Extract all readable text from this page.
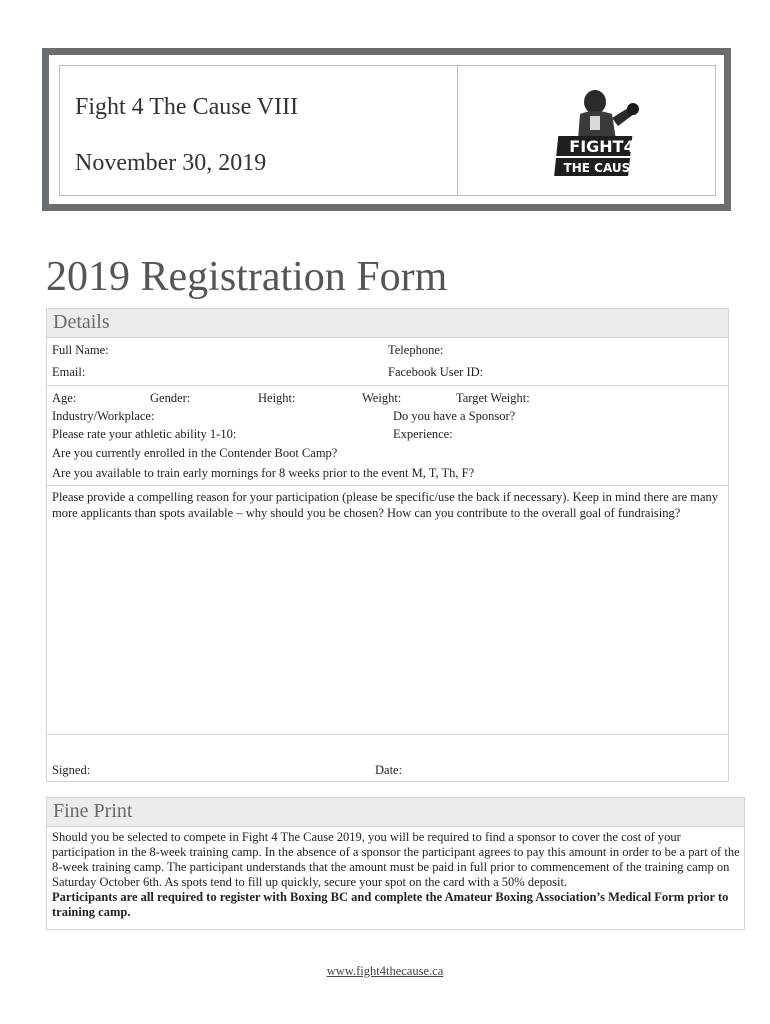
Fight 4 The Cause VIII
November 30, 2019
FIGHT4
THE CAUSE
2019 Registration Form
Details
Full Name:	Telephone:
Email:	Facebook User ID:
Age:	Gender:	Height:	Weight:	Target Weight:
Industry/Workplace:	Do you have a Sponsor?
Please rate your athletic ability 1-10:	Experience:
Are you currently enrolled in the Contender Boot Camp?
Are you available to train early mornings for 8 weeks prior to the event M, T, Th, F?
Please provide a compelling reason for your participation (please be specific/use the back if necessary). Keep in mind there are many more applicants than spots available – why should you be chosen? How can you contribute to the overall goal of fundraising?
Signed:	Date:
Fine Print
Should you be selected to compete in Fight 4 The Cause 2019, you will be required to find a sponsor to cover the cost of your participation in the 8-week training camp. In the absence of a sponsor the participant agrees to pay this amount in order to be a part of the 8-week training camp. The participant understands that the amount must be paid in full prior to commencement of the training camp on Saturday October 6th. As spots tend to fill up quickly, secure your spot on the card with a 50% deposit.
Participants are all required to register with Boxing BC and complete the Amateur Boxing Association’s Medical Form prior to training camp.
www.fight4thecause.ca
